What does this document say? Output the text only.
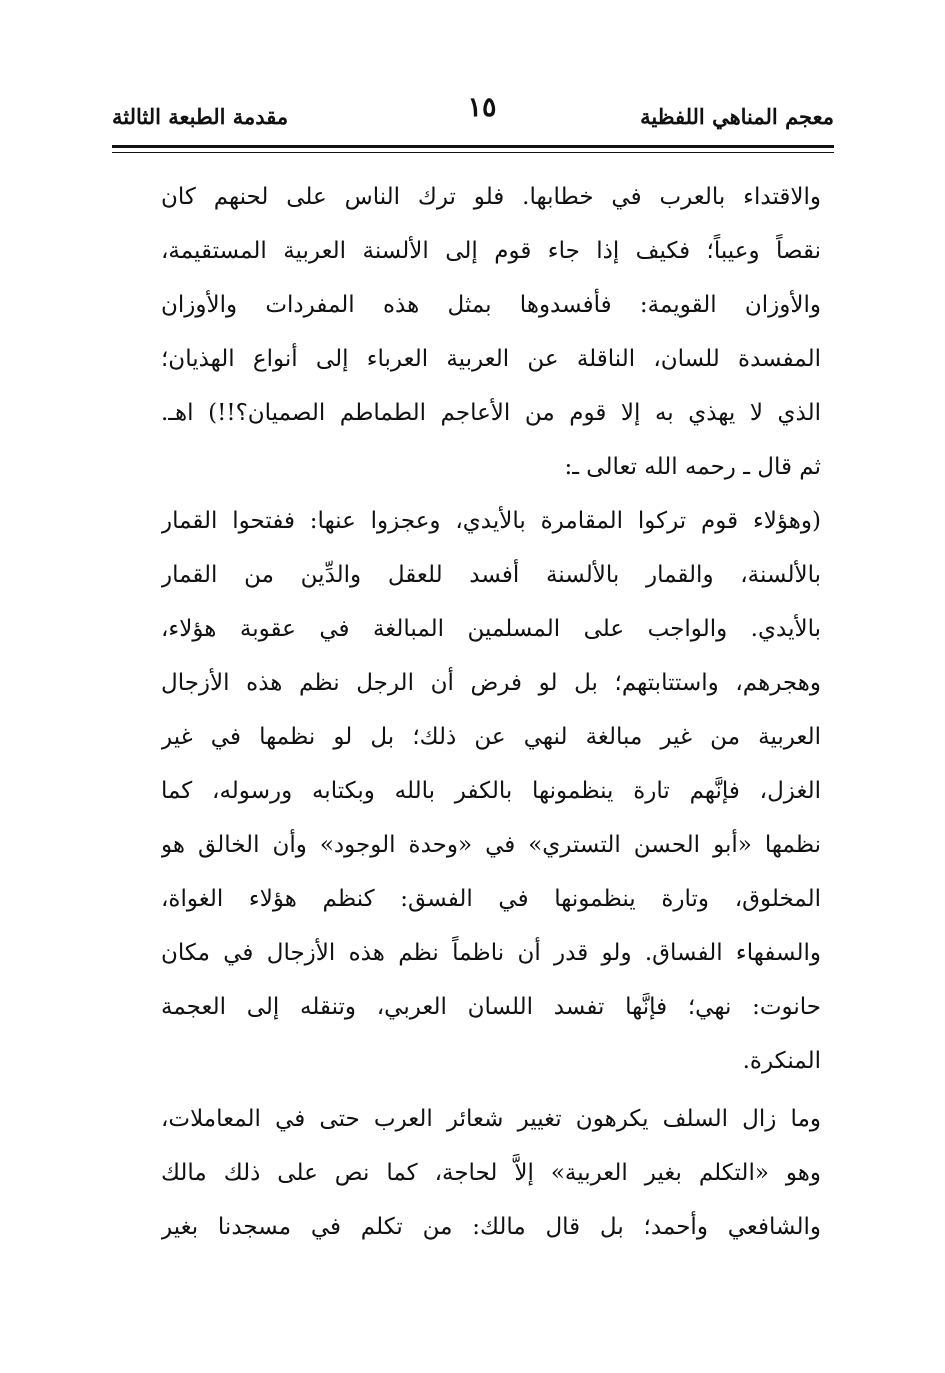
معجم المناهي اللفظية
١٥
مقدمة الطبعة الثالثة
والاقتداء بالعرب في خطابها. فلو ترك الناس على لحنهم كان
نقصاً وعيباً؛ فكيف إذا جاء قوم إلى الألسنة العربية المستقيمة،
والأوزان القويمة: فأفسدوها بمثل هذه المفردات والأوزان
المفسدة للسان، الناقلة عن العربية العرباء إلى أنواع الهذيان؛
الذي لا يهذي به إلا قوم من الأعاجم الطماطم الصميان؟!!) اهـ.
ثم قال ـ رحمه الله تعالى ـ:
(وهؤلاء قوم تركوا المقامرة بالأيدي، وعجزوا عنها: ففتحوا القمار
بالألسنة، والقمار بالألسنة أفسد للعقل والدِّين من القمار
بالأيدي. والواجب على المسلمين المبالغة في عقوبة هؤلاء،
وهجرهم، واستتابتهم؛ بل لو فرض أن الرجل نظم هذه الأزجال
العربية من غير مبالغة لنهي عن ذلك؛ بل لو نظمها في غير
الغزل، فإنَّهم تارة ينظمونها بالكفر بالله وبكتابه ورسوله، كما
نظمها «أبو الحسن التستري» في «وحدة الوجود» وأن الخالق هو
المخلوق، وتارة ينظمونها في الفسق: كنظم هؤلاء الغواة،
والسفهاء الفساق. ولو قدر أن ناظماً نظم هذه الأزجال في مكان
حانوت: نهي؛ فإنَّها تفسد اللسان العربي، وتنقله إلى العجمة
المنكرة.
وما زال السلف يكرهون تغيير شعائر العرب حتى في المعاملات،
وهو «التكلم بغير العربية» إلاَّ لحاجة، كما نص على ذلك مالك
والشافعي وأحمد؛ بل قال مالك: من تكلم في مسجدنا بغير
